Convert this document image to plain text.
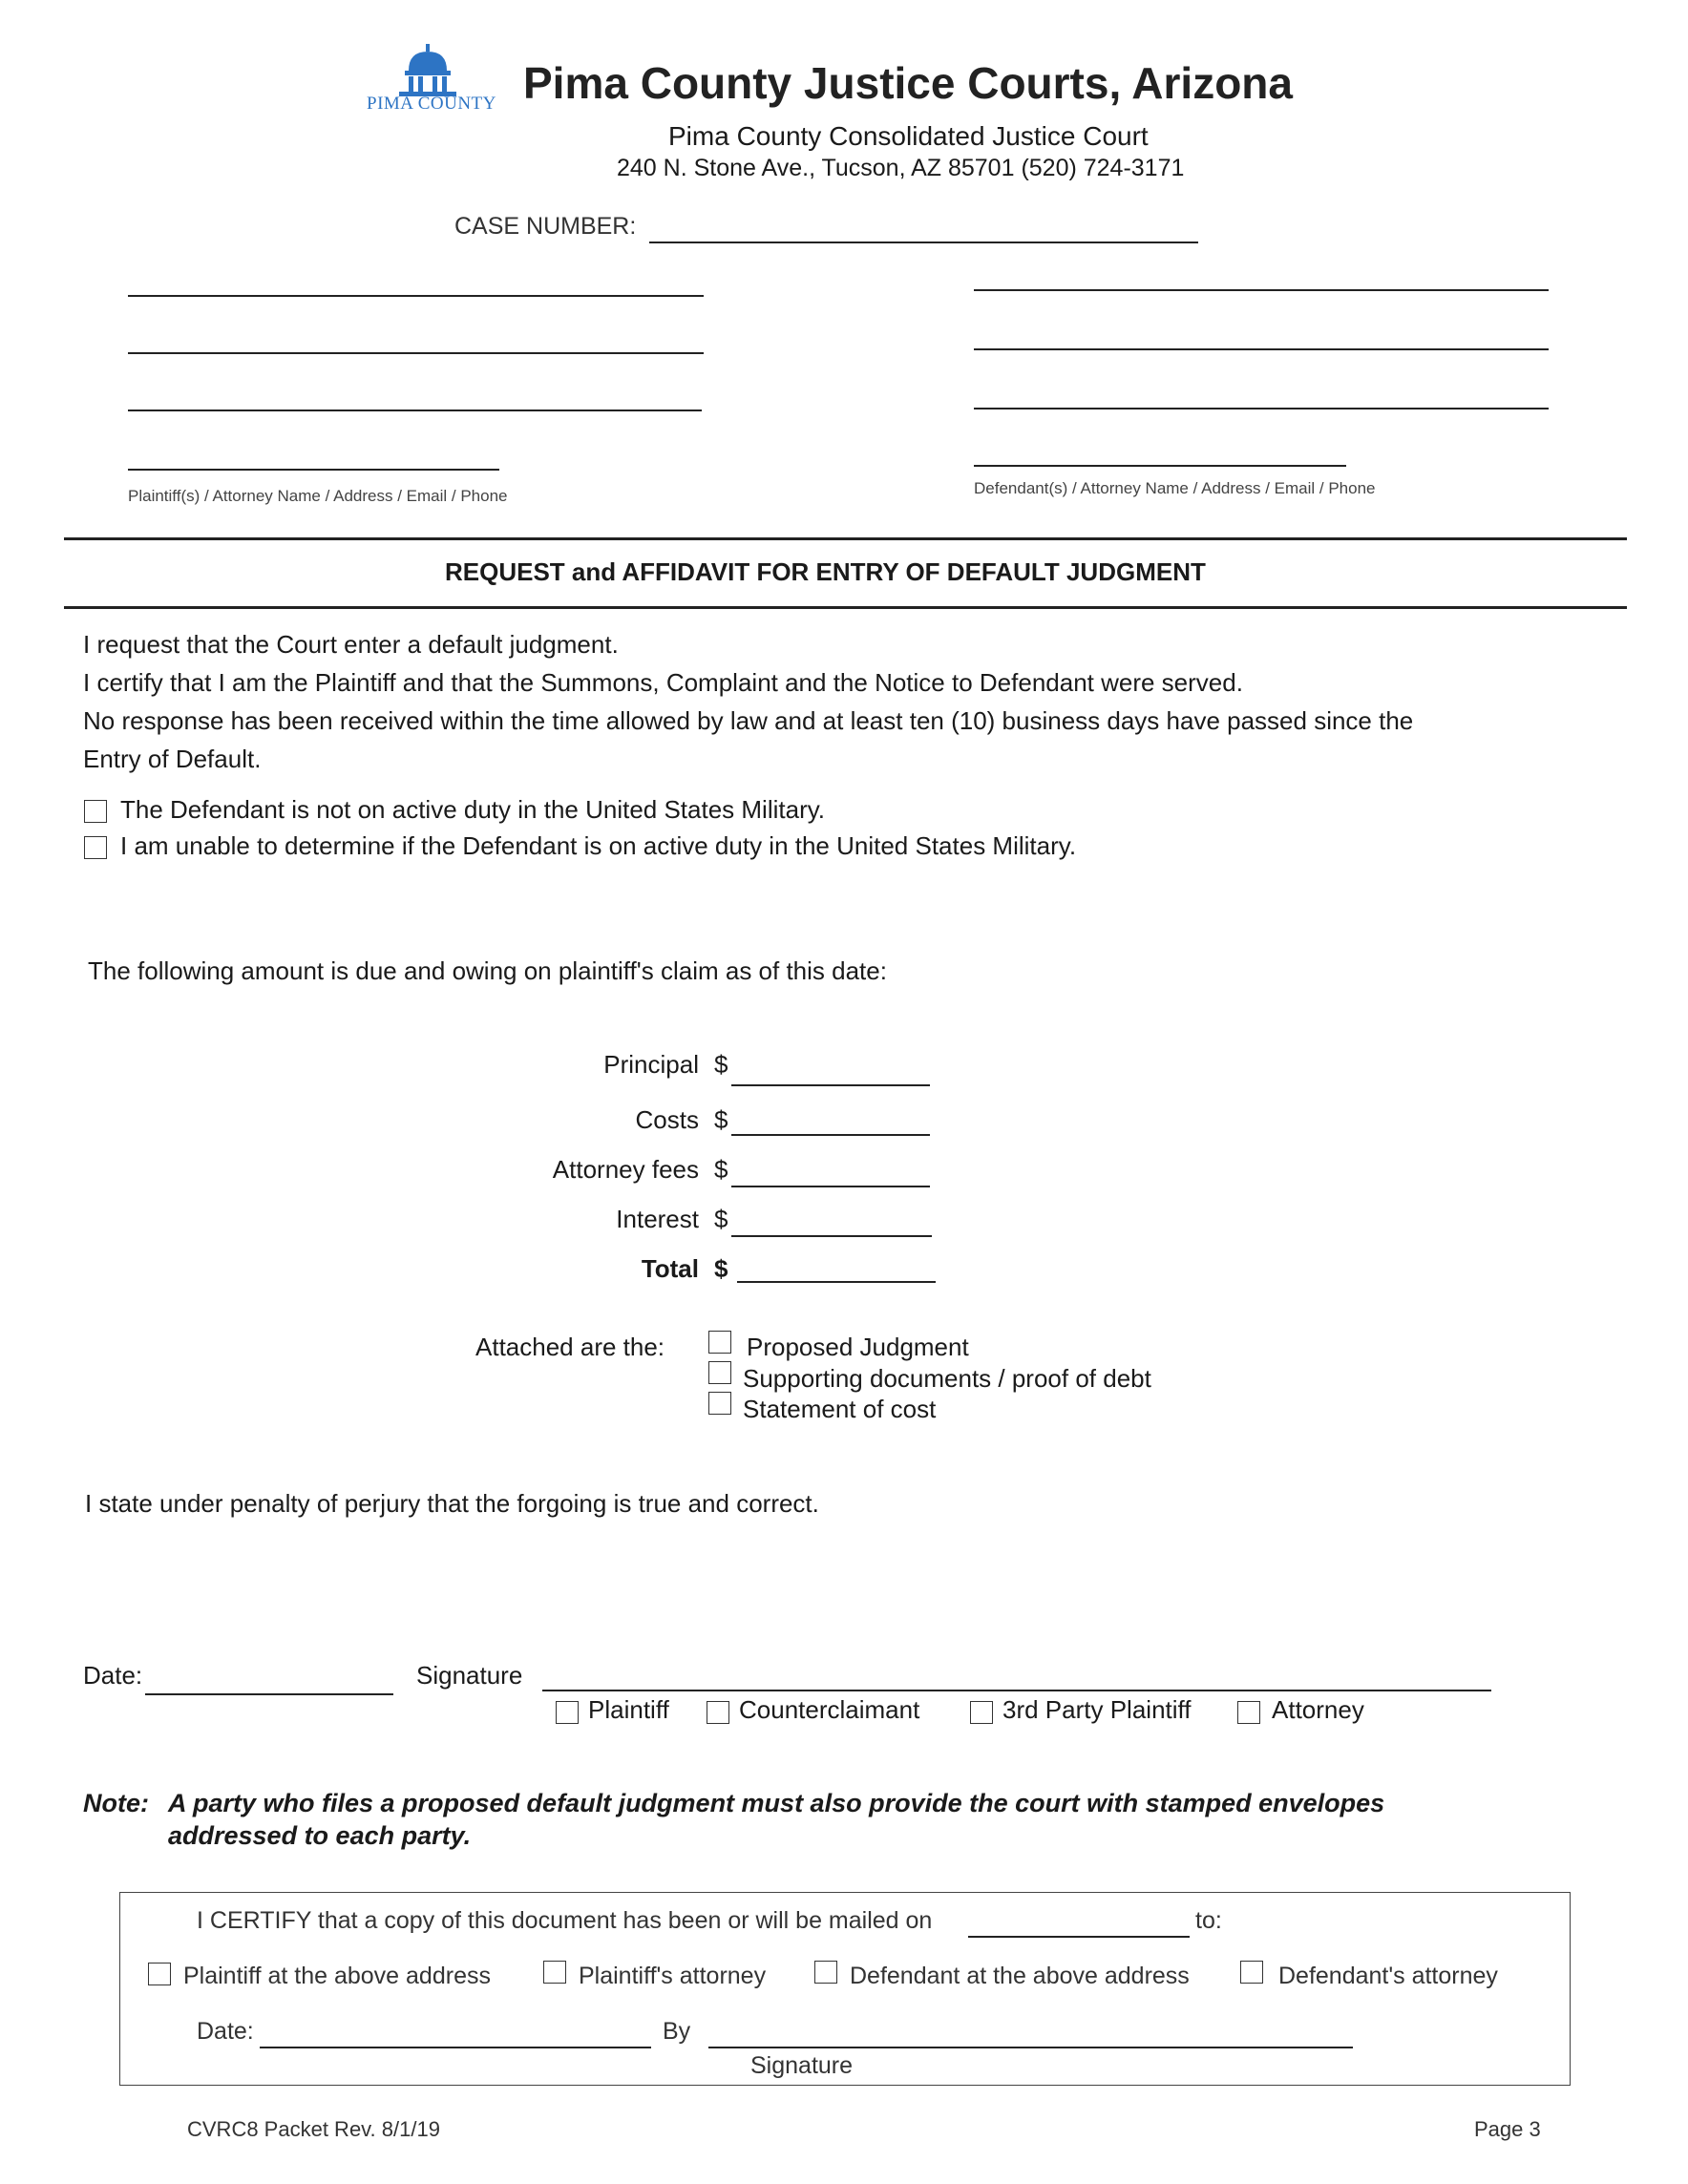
PIMA COUNTY Pima County Justice Courts, Arizona
Pima County Consolidated Justice Court
240 N. Stone Ave., Tucson, AZ 85701 (520) 724-3171
CASE NUMBER:
Plaintiff(s) / Attorney Name / Address / Email / Phone	Defendant(s) / Attorney Name / Address / Email / Phone
REQUEST and AFFIDAVIT FOR ENTRY OF DEFAULT JUDGMENT
I request that the Court enter a default judgment.
I certify that I am the Plaintiff and that the Summons, Complaint and the Notice to Defendant were served.
No response has been received within the time allowed by law and at least ten (10) business days have passed since the
Entry of Default.
The Defendant is not on active duty in the United States Military.
I am unable to determine if the Defendant is on active duty in the United States Military.
The following amount is due and owing on plaintiff's claim as of this date:
Principal $
Costs $
Attorney fees $
Interest $
Total $
Attached are the:	Proposed Judgment
Supporting documents / proof of debt
Statement of cost
I state under penalty of perjury that the forgoing is true and correct.
Date:	Signature
Plaintiff	Counterclaimant	3rd Party Plaintiff	Attorney
Note: A party who files a proposed default judgment must also provide the court with stamped envelopes
addressed to each party.
I CERTIFY that a copy of this document has been or will be mailed on	to:
Plaintiff at the above address	Plaintiff's attorney	Defendant at the above address	Defendant's attorney
Date:	By
Signature
CVRC8 Packet Rev. 8/1/19	Page 3
